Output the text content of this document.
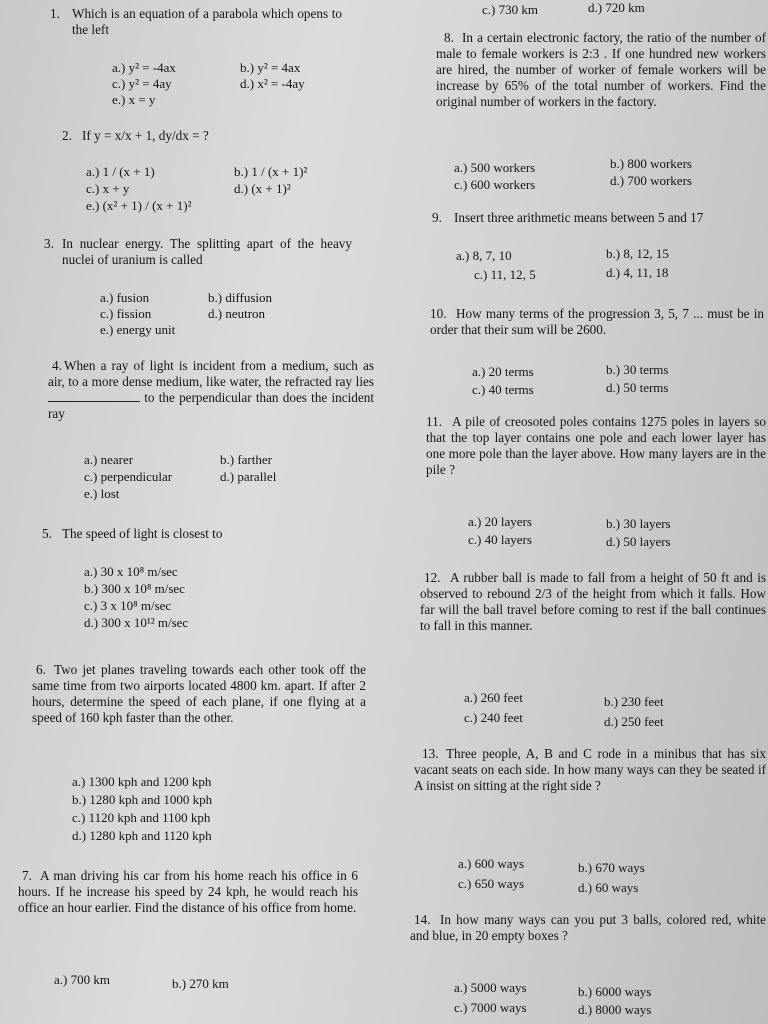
1. Which is an equation of a parabola which opens to the left

a.) y² = -4ax	b.) y² = 4ax
c.) y² = 4ay	d.) x² = -4ay
e.) x = y
2. If y = x/x + 1, dy/dx = ?

a.) 1 / (x + 1)	b.) 1 / (x + 1)²
c.) x + y	d.) (x + 1)²
e.) (x² + 1) / (x + 1)²
3. In nuclear energy. The splitting apart of the heavy nuclei of uranium is called

a.) fusion	b.) diffusion
c.) fission	d.) neutron
e.) energy unit
4. When a ray of light is incident from a medium, such as air, to a more dense medium, like water, the refracted ray lies  to the perpendicular than does the incident ray

a.) nearer	b.) farther
c.) perpendicular	d.) parallel
e.) lost
5. The speed of light is closest to

a.) 30 x 10⁸ m/sec
b.) 300 x 10⁸ m/sec
c.) 3 x 10⁸ m/sec
d.) 300 x 10¹² m/sec
6. Two jet planes traveling towards each other took off the same time from two airports located 4800 km. apart. If after 2 hours, determine the speed of each plane, if one flying at a speed of 160 kph faster than the other.

a.) 1300 kph and 1200 kph
b.) 1280 kph and 1000 kph
c.) 1120 kph and 1100 kph
d.) 1280 kph and 1120 kph
7. A man driving his car from his home reach his office in 6 hours. If he increase his speed by 24 kph, he would reach his office an hour earlier. Find the distance of his office from home.

a.) 700 km	b.) 270 km
c.) 730 km	d.) 720 km
8. In a certain electronic factory, the ratio of the number of male to female workers is 2:3 . If one hundred new workers are hired, the number of worker of female workers will be increase by 65% of the total number of workers. Find the original number of workers in the factory.

a.) 500 workers	b.) 800 workers
c.) 600 workers	d.) 700 workers
9. Insert three arithmetic means between 5 and 17

a.) 8, 7, 10	b.) 8, 12, 15
c.) 11, 12, 5	d.) 4, 11, 18
10. How many terms of the progression 3, 5, 7 ... must be in order that their sum will be 2600.

a.) 20 terms	b.) 30 terms
c.) 40 terms	d.) 50 terms
11. A pile of creosoted poles contains 1275 poles in layers so that the top layer contains one pole and each lower layer has one more pole than the layer above. How many layers are in the pile ?

a.) 20 layers	b.) 30 layers
c.) 40 layers	d.) 50 layers
12. A rubber ball is made to fall from a height of 50 ft and is observed to rebound 2/3 of the height from which it falls. How far will the ball travel before coming to rest if the ball continues to fall in this manner.

a.) 260 feet	b.) 230 feet
c.) 240 feet	d.) 250 feet
13. Three people, A, B and C rode in a minibus that has six vacant seats on each side. In how many ways can they be seated if A insist on sitting at the right side ?

a.) 600 ways	b.) 670 ways
c.) 650 ways	d.) 60 ways
14. In how many ways can you put 3 balls, colored red, white and blue, in 20 empty boxes ?

a.) 5000 ways	b.) 6000 ways
c.) 7000 ways	d.) 8000 ways
